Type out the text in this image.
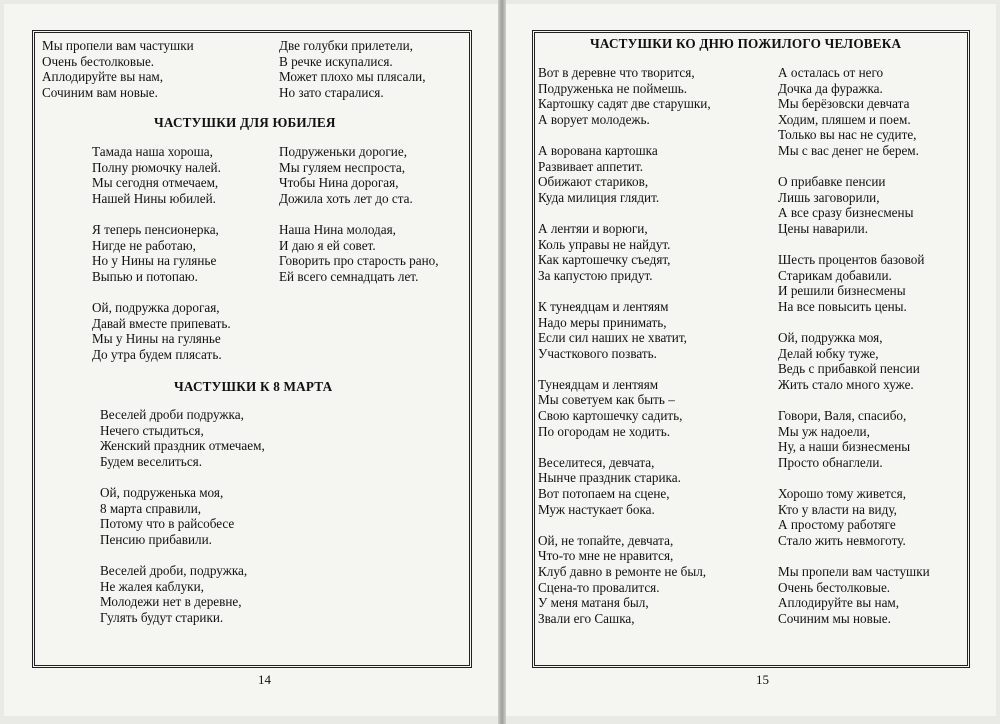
Мы пропели вам частушки
Очень бестолковые.
Аплодируйте вы нам,
Сочиним вам новые.
Две голубки прилетели,
В речке искупалися.
Может плохо мы плясали,
Но зато старалися.
ЧАСТУШКИ ДЛЯ ЮБИЛЕЯ
Тамада наша хороша,
Полну рюмочку налей.
Мы сегодня отмечаем,
Нашей Нины юбилей.
Я теперь пенсионерка,
Нигде не работаю,
Но у Нины на гулянье
Выпью и потопаю.
Ой, подружка дорогая,
Давай вместе припевать.
Мы у Нины на гулянье
До утра будем плясать.
Подруженьки дорогие,
Мы гуляем неспроста,
Чтобы Нина дорогая,
Дожила хоть лет до ста.
Наша Нина молодая,
И даю я ей совет.
Говорить про старость рано,
Ей всего семнадцать лет.
ЧАСТУШКИ К 8 МАРТА
Веселей дроби подружка,
Нечего стыдиться,
Женский праздник отмечаем,
Будем веселиться.
Ой, подруженька моя,
8 марта справили,
Потому что в райсобесе
Пенсию прибавили.
Веселей дроби, подружка,
Не жалея каблуки,
Молодежи нет в деревне,
Гулять будут старики.
14
ЧАСТУШКИ КО ДНЮ ПОЖИЛОГО ЧЕЛОВЕКА
Вот в деревне что творится,
Подруженька не поймешь.
Картошку садят две старушки,
А ворует молодежь.
А ворована картошка
Развивает аппетит.
Обижают стариков,
Куда милиция глядит.
А лентяи и ворюги,
Коль управы не найдут.
Как картошечку съедят,
За капустою придут.
К тунеядцам и лентяям
Надо меры принимать,
Если сил наших не хватит,
Участкового позвать.
Тунеядцам и лентяям
Мы советуем как быть –
Свою картошечку садить,
По огородам не ходить.
Веселитеся, девчата,
Нынче праздник старика.
Вот потопаем на сцене,
Муж настукает бока.
Ой, не топайте, девчата,
Что-то мне не нравится,
Клуб давно в ремонте не был,
Сцена-то провалится.
У меня матаня был,
Звали его Сашка,
А осталась от него
Дочка да фуражка.
Мы берёзовски девчата
Ходим, пляшем и поем.
Только вы нас не судите,
Мы с вас денег не берем.
О прибавке пенсии
Лишь заговорили,
А все сразу бизнесмены
Цены наварили.
Шесть процентов базовой
Старикам добавили.
И решили бизнесмены
На все повысить цены.
Ой, подружка моя,
Делай юбку туже,
Ведь с прибавкой пенсии
Жить стало много хуже.
Говори, Валя, спасибо,
Мы уж надоели,
Ну, а наши бизнесмены
Просто обнаглели.
Хорошо тому живется,
Кто у власти на виду,
А простому работяге
Стало жить невмоготу.
Мы пропели вам частушки
Очень бестолковые.
Аплодируйте вы нам,
Сочиним мы новые.
15
